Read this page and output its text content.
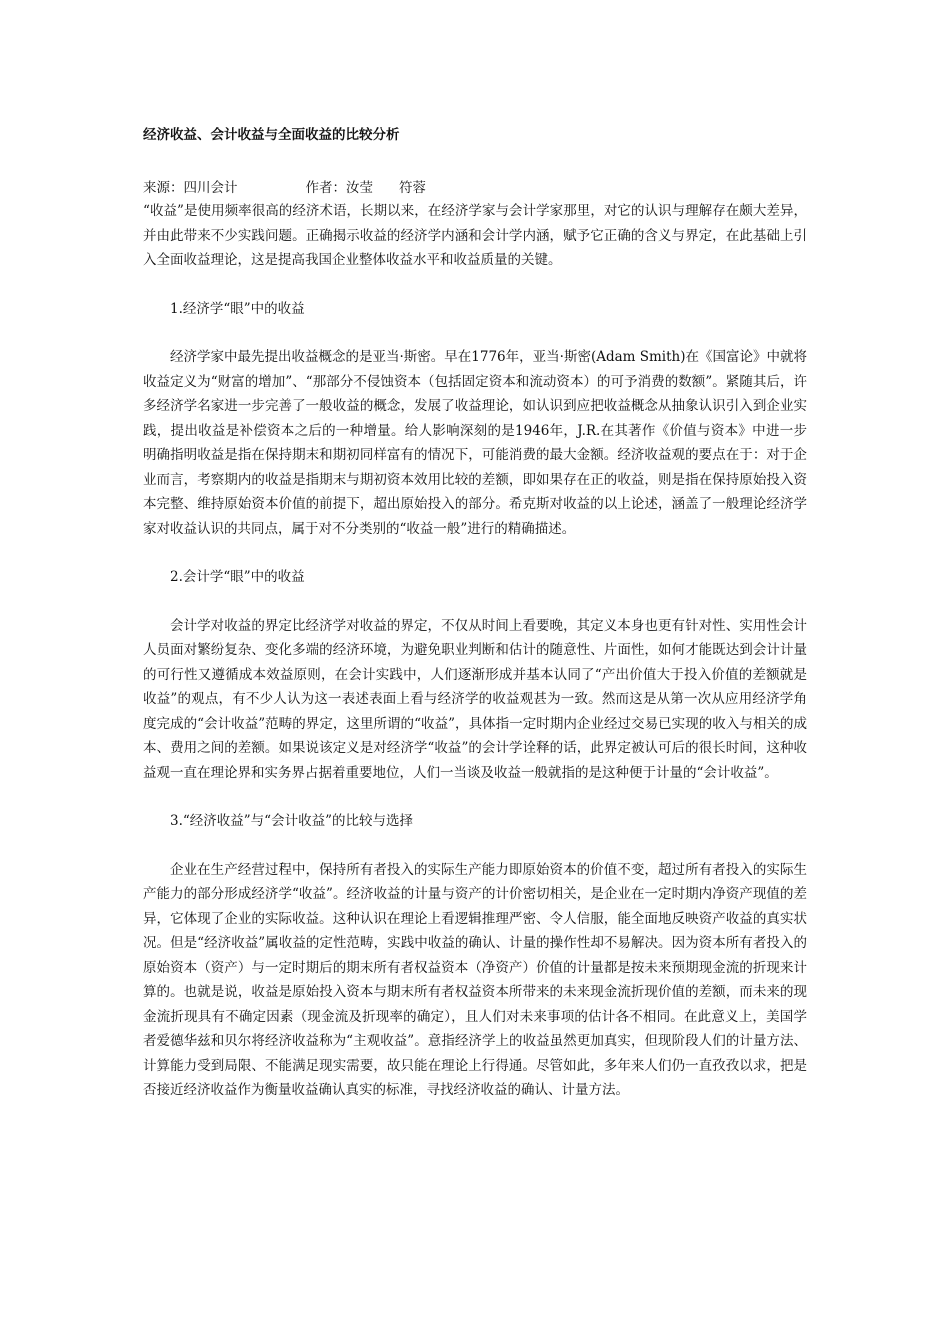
经济收益、会计收益与全面收益的比较分析
来源：四川会计	作者：汝莹 符蓉

“收益”是使用频率很高的经济术语，长期以来，在经济学家与会计学家那里，对它的认识与理解存在颇大差异，并由此带来不少实践问题。正确揭示收益的经济学内涵和会计学内涵，赋予它正确的含义与界定，在此基础上引入全面收益理论，这是提高我国企业整体收益水平和收益质量的关键。

1.经济学“眼”中的收益

经济学家中最先提出收益概念的是亚当·斯密。早在1776年，亚当·斯密(Adam Smith)在《国富论》中就将收益定义为“财富的增加”、“那部分不侵蚀资本（包括固定资本和流动资本）的可予消费的数额”。紧随其后，许多经济学名家进一步完善了一般收益的概念，发展了收益理论，如认识到应把收益概念从抽象认识引入到企业实践，提出收益是补偿资本之后的一种增量。给人影响深刻的是1946年，J.R.在其著作《价值与资本》中进一步明确指明收益是指在保持期末和期初同样富有的情况下，可能消费的最大金额。经济收益观的要点在于：对于企业而言，考察期内的收益是指期末与期初资本效用比较的差额，即如果存在正的收益，则是指在保持原始投入资本完整、维持原始资本价值的前提下，超出原始投入的部分。希克斯对收益的以上论述，涵盖了一般理论经济学家对收益认识的共同点，属于对不分类别的“收益一般”进行的精确描述。

2.会计学“眼”中的收益

会计学对收益的界定比经济学对收益的界定，不仅从时间上看要晚，其定义本身也更有针对性、实用性会计人员面对繁纷复杂、变化多端的经济环境，为避免职业判断和估计的随意性、片面性，如何才能既达到会计计量的可行性又遵循成本效益原则，在会计实践中，人们逐渐形成并基本认同了“产出价值大于投入价值的差额就是收益”的观点，有不少人认为这一表述表面上看与经济学的收益观甚为一致。然而这是从第一次从应用经济学角度完成的“会计收益”范畴的界定，这里所谓的“收益”，具体指一定时期内企业经过交易已实现的收入与相关的成本、费用之间的差额。如果说该定义是对经济学“收益”的会计学诠释的话，此界定被认可后的很长时间，这种收益观一直在理论界和实务界占据着重要地位，人们一当谈及收益一般就指的是这种便于计量的“会计收益”。

3.“经济收益”与“会计收益”的比较与选择

企业在生产经营过程中，保持所有者投入的实际生产能力即原始资本的价值不变，超过所有者投入的实际生产能力的部分形成经济学“收益”。经济收益的计量与资产的计价密切相关，是企业在一定时期内净资产现值的差异，它体现了企业的实际收益。这种认识在理论上看逻辑推理严密、令人信服，能全面地反映资产收益的真实状况。但是“经济收益”属收益的定性范畴，实践中收益的确认、计量的操作性却不易解决。因为资本所有者投入的原始资本（资产）与一定时期后的期末所有者权益资本（净资产）价值的计量都是按未来预期现金流的折现来计算的。也就是说，收益是原始投入资本与期末所有者权益资本所带来的未来现金流折现价值的差额，而未来的现金流折现具有不确定因素（现金流及折现率的确定），且人们对未来事项的估计各不相同。在此意义上，美国学者爱德华兹和贝尔将经济收益称为“主观收益”。意指经济学上的收益虽然更加真实，但现阶段人们的计量方法、计算能力受到局限、不能满足现实需要，故只能在理论上行得通。尽管如此，多年来人们仍一直孜孜以求，把是否接近经济收益作为衡量收益确认真实的标准，寻找经济收益的确认、计量方法。
